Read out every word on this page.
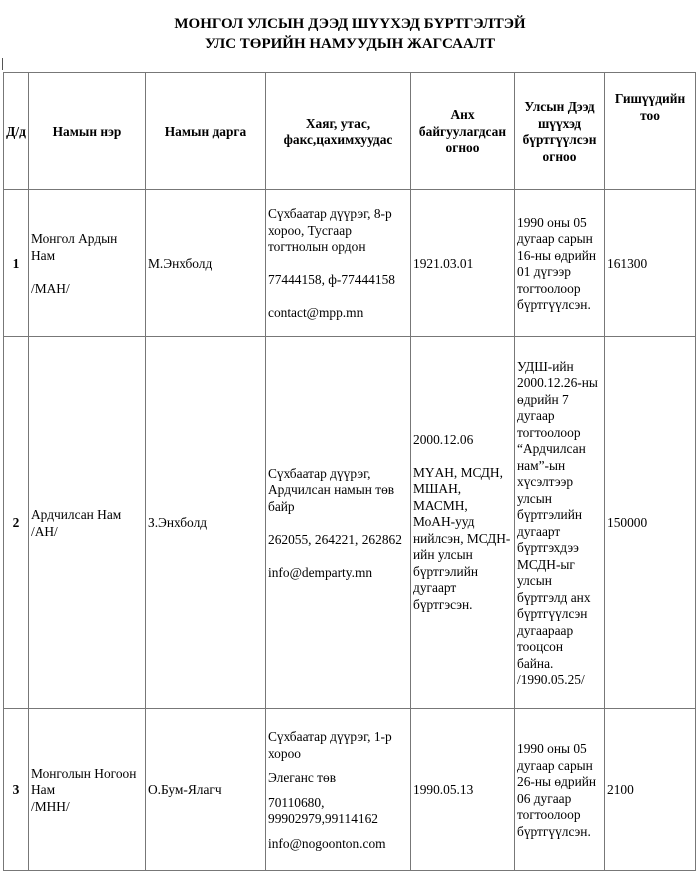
МОНГОЛ УЛСЫН ДЭЭД ШҮҮХЭД БҮРТГЭЛТЭЙ
УЛС ТӨРИЙН НАМУУДЫН ЖАГСААЛТ
Д/д	Намын нэр	Намын дарга	Хаяг, утас, факс,цахимхуудас	Анх байгуулагдсан огноо	Улсын Дээд шүүхэд бүртгүүлсэн огноо	Гишүүдийн тоо
1	Монгол Ардын Нам
/МАН/	М.Энхболд	Сүхбаатар дүүрэг, 8-р хороо, Тусгаар тогтнолын ордон
77444158, ф-77444158
contact@mpp.mn	1921.03.01	1990 оны 05 дугаар сарын 16-ны өдрийн 01 дүгээр тогтоолоор бүртгүүлсэн.	161300
2	Ардчилсан Нам
/АН/	З.Энхболд	Сүхбаатар дүүрэг, Ардчилсан намын төв байр
262055, 264221, 262862
info@demparty.mn	2000.12.06
МҮАН, МСДН, МШАН, МАСМН, МоАН-ууд нийлсэн, МСДН-ийн улсын бүртгэлийн дугаарт бүртгэсэн.	УДШ-ийн 2000.12.26-ны өдрийн 7 дугаар тогтоолоор “Ардчилсан нам”-ын хүсэлтээр улсын бүртгэлийн дугаарт бүртгэхдээ МСДН-ыг улсын бүртгэлд анх бүртгүүлсэн дугаараар тооцсон байна. /1990.05.25/	150000
3	Монголын Ногоон Нам
/МНН/	О.Бум-Ялагч	Сүхбаатар дүүрэг, 1-р хороо
Элеганс төв
70110680, 99902979,99114162
info@nogoonton.com	1990.05.13	1990 оны 05 дугаар сарын 26-ны өдрийн 06 дугаар тогтоолоор бүртгүүлсэн.	2100
